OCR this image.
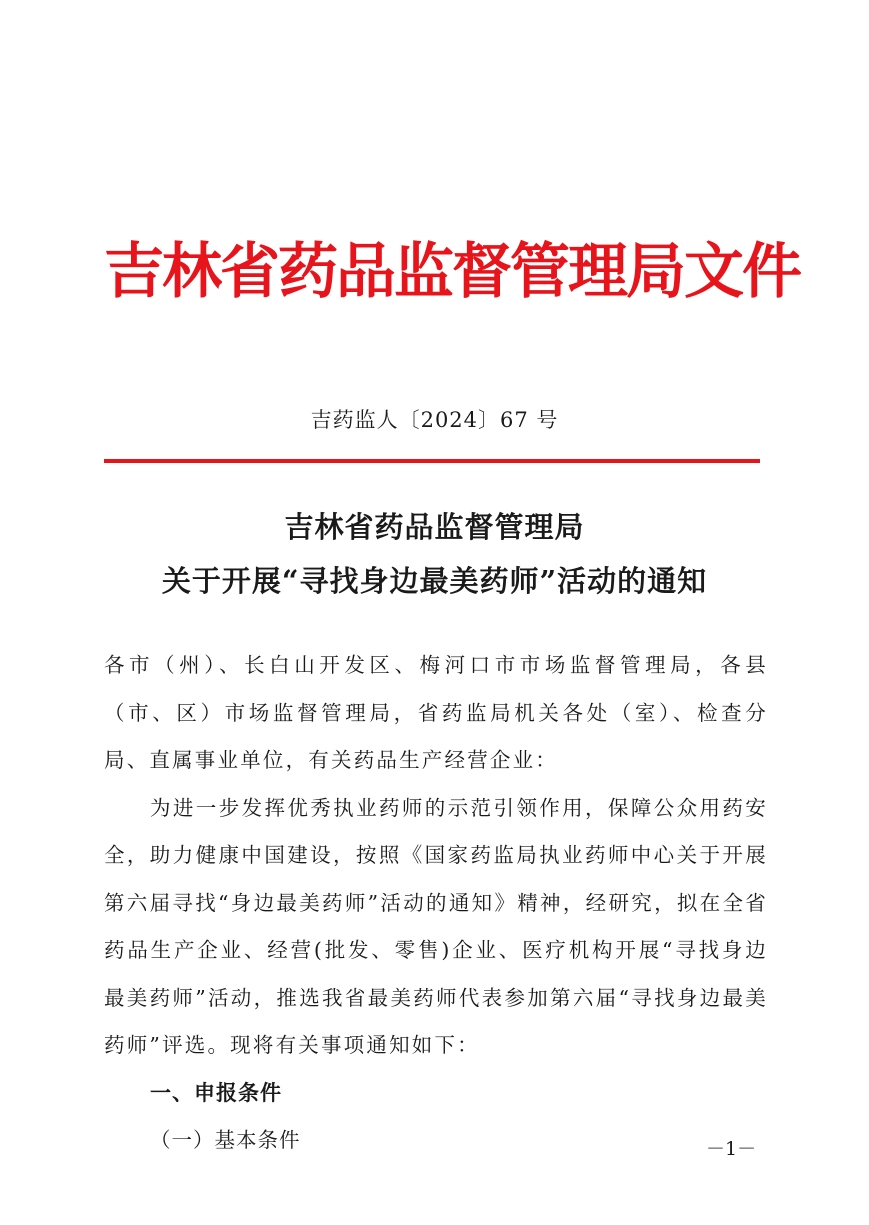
吉林省药品监督管理局文件
吉药监人〔2024〕67 号
吉林省药品监督管理局
关于开展“寻找身边最美药师”活动的通知

各市（州）、长白山开发区、梅河口市市场监督管理局，各县（市、区）市场监督管理局，省药监局机关各处（室）、检查分局、直属事业单位，有关药品生产经营企业：

为进一步发挥优秀执业药师的示范引领作用，保障公众用药安全，助力健康中国建设，按照《国家药监局执业药师中心关于开展第六届寻找“身边最美药师”活动的通知》精神，经研究，拟在全省药品生产企业、经营(批发、零售)企业、医疗机构开展“寻找身边最美药师”活动，推选我省最美药师代表参加第六届“寻找身边最美药师”评选。现将有关事项通知如下：

一、申报条件

（一）基本条件	－1－
